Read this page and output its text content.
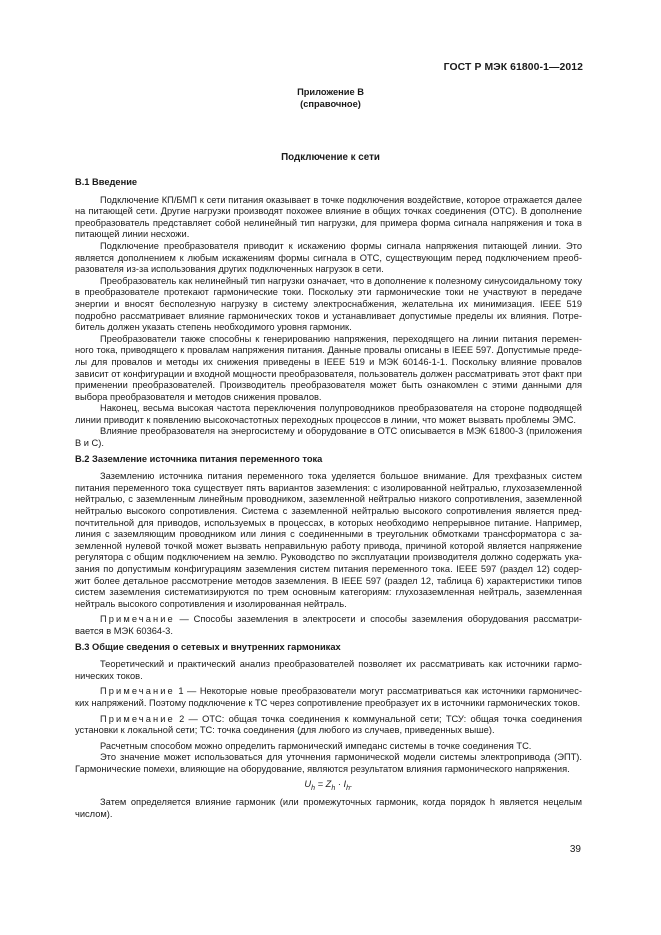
ГОСТ Р МЭК 61800-1—2012
Приложение В
(справочное)
Подключение к сети
В.1 Введение

Подключение КП/БМП к сети питания оказывает в точке подключения воздействие, которое отражается далее на питающей сети. Другие нагрузки производят похожее влияние в общих точках соединения (ОТС). В дополнение преобразователь представляет собой нелинейный тип нагрузки, для примера форма сигнала напряжения и тока в питающей линии несхожи.

Подключение преобразователя приводит к искажению формы сигнала напряжения питающей линии. Это является дополнением к любым искажениям формы сигнала в ОТС, существующим перед подключением преобразователя из-за использования других подключенных нагрузок в сети.

Преобразователь как нелинейный тип нагрузки означает, что в дополнение к полезному синусоидальному току в преобразователе протекают гармонические токи. Поскольку эти гармонические токи не участвуют в передаче энергии и вносят бесполезную нагрузку в систему электроснабжения, желательна их минимизация. IEEE 519 подробно рассматривает влияние гармонических токов и устанавливает допустимые пределы их влияния. Потребитель должен указать степень необходимого уровня гармоник.

Преобразователи также способны к генерированию напряжения, переходящего на линии питания переменного тока, приводящего к провалам напряжения питания. Данные провалы описаны в IEEE 597. Допустимые пределы для провалов и методы их снижения приведены в IEEE 519 и МЭК 60146-1-1. Поскольку влияние провалов зависит от конфигурации и входной мощности преобразователя, пользователь должен рассматривать этот факт при применении преобразователей. Производитель преобразователя может быть ознакомлен с этими данными для выбора преобразователя и методов снижения провалов.

Наконец, весьма высокая частота переключения полупроводников преобразователя на стороне подводящей линии приводит к появлению высокочастотных переходных процессов в линии, что может вызвать проблемы ЭМС.

Влияние преобразователя на энергосистему и оборудование в ОТС описывается в МЭК 61800-3 (приложения В и С).

В.2 Заземление источника питания переменного тока

Заземлению источника питания переменного тока уделяется большое внимание. Для трехфазных систем питания переменного тока существует пять вариантов заземления: с изолированной нейтралью, глухозаземленной нейтралью, с заземленным линейным проводником, заземленной нейтралью низкого сопротивления, заземленной нейтралью высокого сопротивления. Система с заземленной нейтралью высокого сопротивления является предпочтительной для приводов, используемых в процессах, в которых необходимо непрерывное питание. Например, линия с заземляющим проводником или линия с соединенными в треугольник обмотками трансформатора с заземленной нулевой точкой может вызвать неправильную работу привода, причиной которой является напряжение регулятора с общим подключением на землю. Руководство по эксплуатации производителя должно содержать указания по допустимым конфигурациям заземления систем питания переменного тока. IEEE 597 (раздел 12) содержит более детальное рассмотрение методов заземления. В IEEE 597 (раздел 12, таблица 6) характеристики типов систем заземления систематизируются по трем основным категориям: глухозаземленная нейтраль, заземленная нейтраль высокого сопротивления и изолированная нейтраль.

Примечание — Способы заземления в электросети и способы заземления оборудования рассматривается в МЭК 60364-3.

В.3 Общие сведения о сетевых и внутренних гармониках

Теоретический и практический анализ преобразователей позволяет их рассматривать как источники гармонических токов.

Примечание 1 — Некоторые новые преобразователи могут рассматриваться как источники гармонических напряжений. Поэтому подключение к ТС через сопротивление преобразует их в источники гармонических токов.

Примечание 2 — ОТС: общая точка соединения к коммунальной сети; ТСУ: общая точка соединения установки к локальной сети; ТС: точка соединения (для любого из случаев, приведенных выше).

Расчетным способом можно определить гармонический импеданс системы в точке соединения ТС.

Это значение может использоваться для уточнения гармонической модели системы электропривода (ЭПТ). Гармонические помехи, влияющие на оборудование, являются результатом влияния гармонического напряжения.

$U_h = Z_h \cdot I_h$.

Затем определяется влияние гармоник (или промежуточных гармоник, когда порядок h является нецелым числом).

39
